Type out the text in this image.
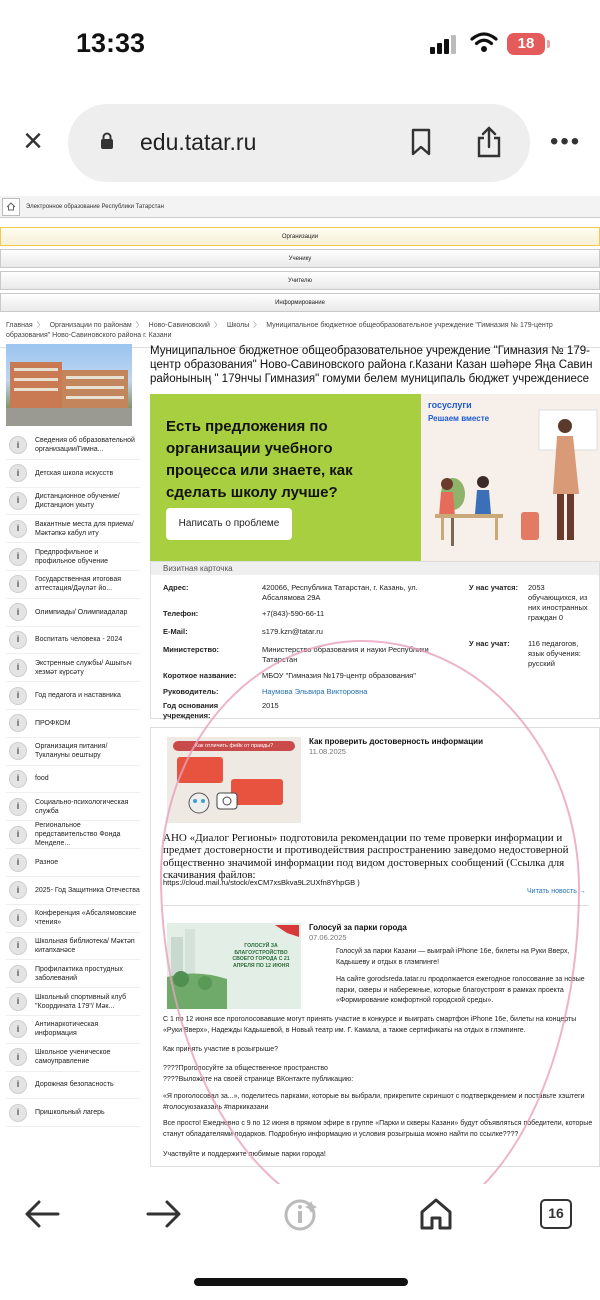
13:33	18
×	edu.tatar.ru	•••
Электронное образование Республики Татарстан
Организации
Ученику
Учителю
Информирование
Главная 〉 Организации по районам 〉 Ново-Савиновский 〉 Школы 〉 Муниципальное бюджетное общеобразовательное учреждение "Гимназия № 179-центр образования" Ново-Савиновского района г. Казани
i	Сведения об образовательной организации/Гимна...
i	Детская школа искусств
i	Дистанционное обучение/ Дистанцион укыту
i	Вакантные места для приема/Мәктәпкә кабул иту
i	Предпрофильное и профильное обучение
i	Государственная итоговая аттестация/Дәүләт йо...
i	Олимпиады/ Олимпиадалар
i	Воспитать человека - 2024
i	Экстренные службы/ Ашыгыч хезмәт күрсәту
i	Год педагога и наставника
i	ПРОФКОМ
i	Организация питания/ Туклануны оештыру
i	food
i	Социально-психологическая служба
i
Региональное представительство Фонда Менделе...
i	Разное
i	2025- Год Защитника Отечества
i	Конференция «Абсалямовские чтения»
i	Школьная библиотека/ Мәктәп китапханәсе
i	Профилактика простудных заболеваний
i	Школьный спортивный клуб "Координата 179"/ Мәк...
i	Антинаркотическая информация
i	Школьное ученическое самоуправление
i	Дорожная безопасность
i	Пришкольный лагерь
Муниципальное бюджетное общеобразовательное учреждение "Гимназия № 179-центр образования" Ново-Савиновского района г.Казани Казан шәһәре Яңа Савин районының " 179нчы Гимназия" гомуми белем муниципаль бюджет учреждениесе
Есть предложения по организации учебного процесса или знаете, как сделать школу лучше?
Написать о проблеме
госуслуги
Решаем вместе
Визитная карточка
Адрес:	420066, Республика Татарстан, г. Казань, ул. Абсалямова 29А
Телефон:	+7(843)-590-66-11
E-Mail:	s179.kzn@tatar.ru
Министерство:	Министерство образования и науки Республики Татарстан
Короткое название:	МБОУ "Гимназия №179-центр образования"
Руководитель:	Наумова Эльвира Викторовна
Год основания учреждения:
2015
У нас учатся:	2053 обучающихся, из них иностранных граждан 0
У нас учат:	116 педагогов, язык обучения: русский
Как отличить фейк от правды?	Как проверить достоверность информации
11.08.2025
АНО «Диалог Регионы» подготовила рекомендации по теме проверки информации и предмет достоверности и противодействия распространению заведомо недостоверной общественно значимой информации под видом достоверных сообщений (Ссылка для скачивания файлов:
https://cloud.mail.ru/stock/exCM7xsBkva9L2UXfn8YhpGB )
Читать новость →
ГОЛОСУЙ ЗА БЛАГОУСТРОЙСТВО СВОЕГО ГОРОДА С 21 АПРЕЛЯ ПО 12 ИЮНЯ
Голосуй за парки города
07.06.2025
Голосуй за парки Казани — выиграй iPhone 16e, билеты на Руки Вверх, Кадышеву и отдых в глэмпинге!
На сайте gorodsreda.tatar.ru продолжается ежегодное голосование за новые парки, скверы и набережные, которые благоустроят в рамках проекта «Формирование комфортной городской среды».
С 1 по 12 июня все проголосовавшие могут принять участие в конкурсе и выиграть смартфон iPhone 16e, билеты на концерты «Руки Вверх», Надежды Кадышевой, в Новый театр им. Г. Камала, а также сертификаты на отдых в глэмпинге.
Как принять участие в розыгрыше?
????Проголосуйте за общественное пространство
????Выложите на своей странице ВКонтакте публикацию:
«Я проголосовал за...», поделитесь парками, которые вы выбрали, прикрепите скриншот с подтверждением и поставьте хэштеги #голосуюзаказань #паркиказани
Все просто! Ежедневно с 9 по 12 июня в прямом эфире в группе «Парки и скверы Казани» будут объявляться победители, которые станут обладателями подарков. Подробную информацию и условия розыгрыша можно найти по ссылке????
Участвуйте и поддержите любимые парки города!
16
